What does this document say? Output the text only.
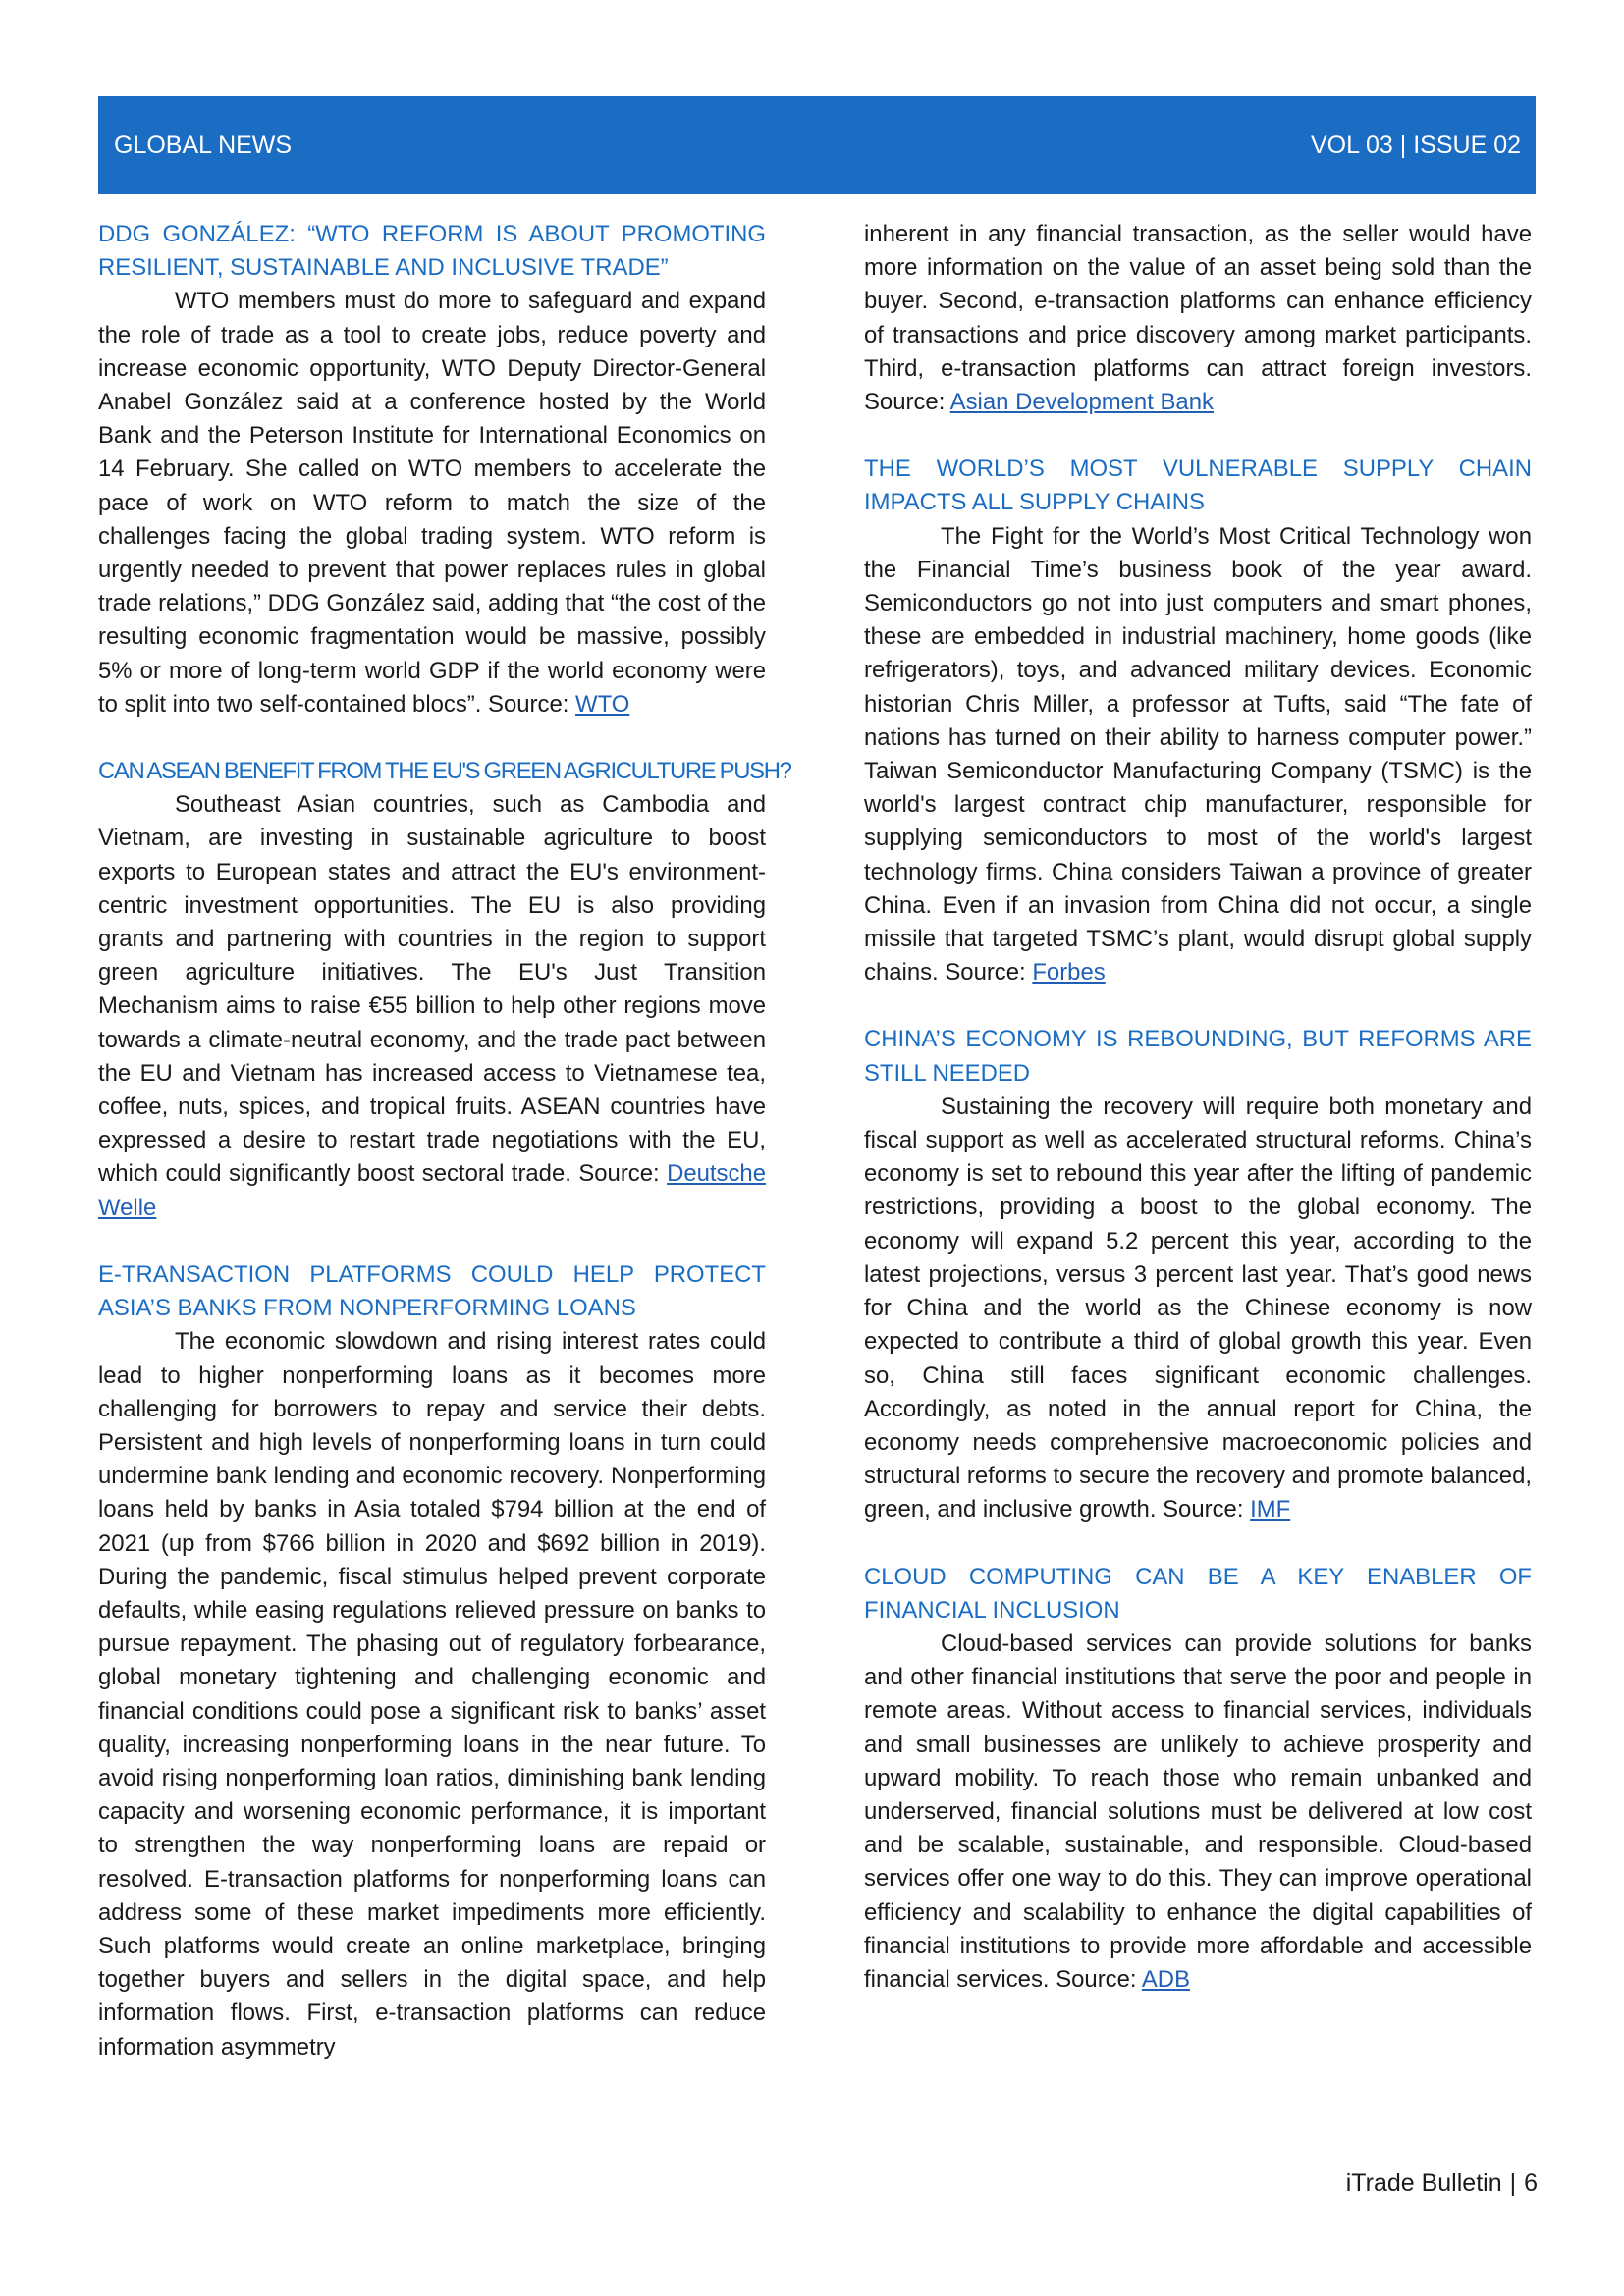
GLOBAL NEWS	VOL 03 | ISSUE 02
DDG GONZÁLEZ: “WTO REFORM IS ABOUT PROMOTING RESILIENT, SUSTAINABLE AND INCLUSIVE TRADE”

WTO members must do more to safeguard and expand the role of trade as a tool to create jobs, reduce poverty and increase economic opportunity, WTO Deputy Director-General Anabel González said at a conference hosted by the World Bank and the Peterson Institute for International Economics on 14 February. She called on WTO members to accelerate the pace of work on WTO reform to match the size of the challenges facing the global trading system. WTO reform is urgently needed to prevent that power replaces rules in global trade relations,” DDG González said, adding that “the cost of the resulting economic fragmentation would be massive, possibly 5% or more of long-term world GDP if the world economy were to split into two self-contained blocs”. Source: WTO

CAN ASEAN BENEFIT FROM THE EU'S GREEN AGRICULTURE PUSH?

Southeast Asian countries, such as Cambodia and Vietnam, are investing in sustainable agriculture to boost exports to European states and attract the EU's environment-centric investment opportunities. The EU is also providing grants and partnering with countries in the region to support green agriculture initiatives. The EU's Just Transition Mechanism aims to raise €55 billion to help other regions move towards a climate-neutral economy, and the trade pact between the EU and Vietnam has increased access to Vietnamese tea, coffee, nuts, spices, and tropical fruits. ASEAN countries have expressed a desire to restart trade negotiations with the EU, which could significantly boost sectoral trade. Source: Deutsche Welle

E-TRANSACTION PLATFORMS COULD HELP PROTECT ASIA’S BANKS FROM NONPERFORMING LOANS

The economic slowdown and rising interest rates could lead to higher nonperforming loans as it becomes more challenging for borrowers to repay and service their debts. Persistent and high levels of nonperforming loans in turn could undermine bank lending and economic recovery. Nonperforming loans held by banks in Asia totaled $794 billion at the end of 2021 (up from $766 billion in 2020 and $692 billion in 2019). During the pandemic, fiscal stimulus helped prevent corporate defaults, while easing regulations relieved pressure on banks to pursue repayment. The phasing out of regulatory forbearance, global monetary tightening and challenging economic and financial conditions could pose a significant risk to banks’ asset quality, increasing nonperforming loans in the near future. To avoid rising nonperforming loan ratios, diminishing bank lending capacity and worsening economic performance, it is important to strengthen the way nonperforming loans are repaid or resolved. E-transaction platforms for nonperforming loans can address some of these market impediments more efficiently. Such platforms would create an online marketplace, bringing together buyers and sellers in the digital space, and help information flows. First, e-transaction platforms can reduce information asymmetry

inherent in any financial transaction, as the seller would have more information on the value of an asset being sold than the buyer. Second, e-transaction platforms can enhance efficiency of transactions and price discovery among market participants. Third, e-transaction platforms can attract foreign investors. Source: Asian Development Bank

THE WORLD’S MOST VULNERABLE SUPPLY CHAIN IMPACTS ALL SUPPLY CHAINS

The Fight for the World’s Most Critical Technology won the Financial Time’s business book of the year award. Semiconductors go not into just computers and smart phones, these are embedded in industrial machinery, home goods (like refrigerators), toys, and advanced military devices. Economic historian Chris Miller, a professor at Tufts, said “The fate of nations has turned on their ability to harness computer power.” Taiwan Semiconductor Manufacturing Company (TSMC) is the world's largest contract chip manufacturer, responsible for supplying semiconductors to most of the world's largest technology firms. China considers Taiwan a province of greater China. Even if an invasion from China did not occur, a single missile that targeted TSMC’s plant, would disrupt global supply chains. Source: Forbes

CHINA’S ECONOMY IS REBOUNDING, BUT REFORMS ARE STILL NEEDED

Sustaining the recovery will require both monetary and fiscal support as well as accelerated structural reforms. China’s economy is set to rebound this year after the lifting of pandemic restrictions, providing a boost to the global economy. The economy will expand 5.2 percent this year, according to the latest projections, versus 3 percent last year. That’s good news for China and the world as the Chinese economy is now expected to contribute a third of global growth this year. Even so, China still faces significant economic challenges. Accordingly, as noted in the annual report for China, the economy needs comprehensive macroeconomic policies and structural reforms to secure the recovery and promote balanced, green, and inclusive growth. Source: IMF

CLOUD COMPUTING CAN BE A KEY ENABLER OF FINANCIAL INCLUSION

Cloud-based services can provide solutions for banks and other financial institutions that serve the poor and people in remote areas. Without access to financial services, individuals and small businesses are unlikely to achieve prosperity and upward mobility. To reach those who remain unbanked and underserved, financial solutions must be delivered at low cost and be scalable, sustainable, and responsible. Cloud-based services offer one way to do this. They can improve operational efficiency and scalability to enhance the digital capabilities of financial institutions to provide more affordable and accessible financial services. Source: ADB

iTrade Bulletin | 6
